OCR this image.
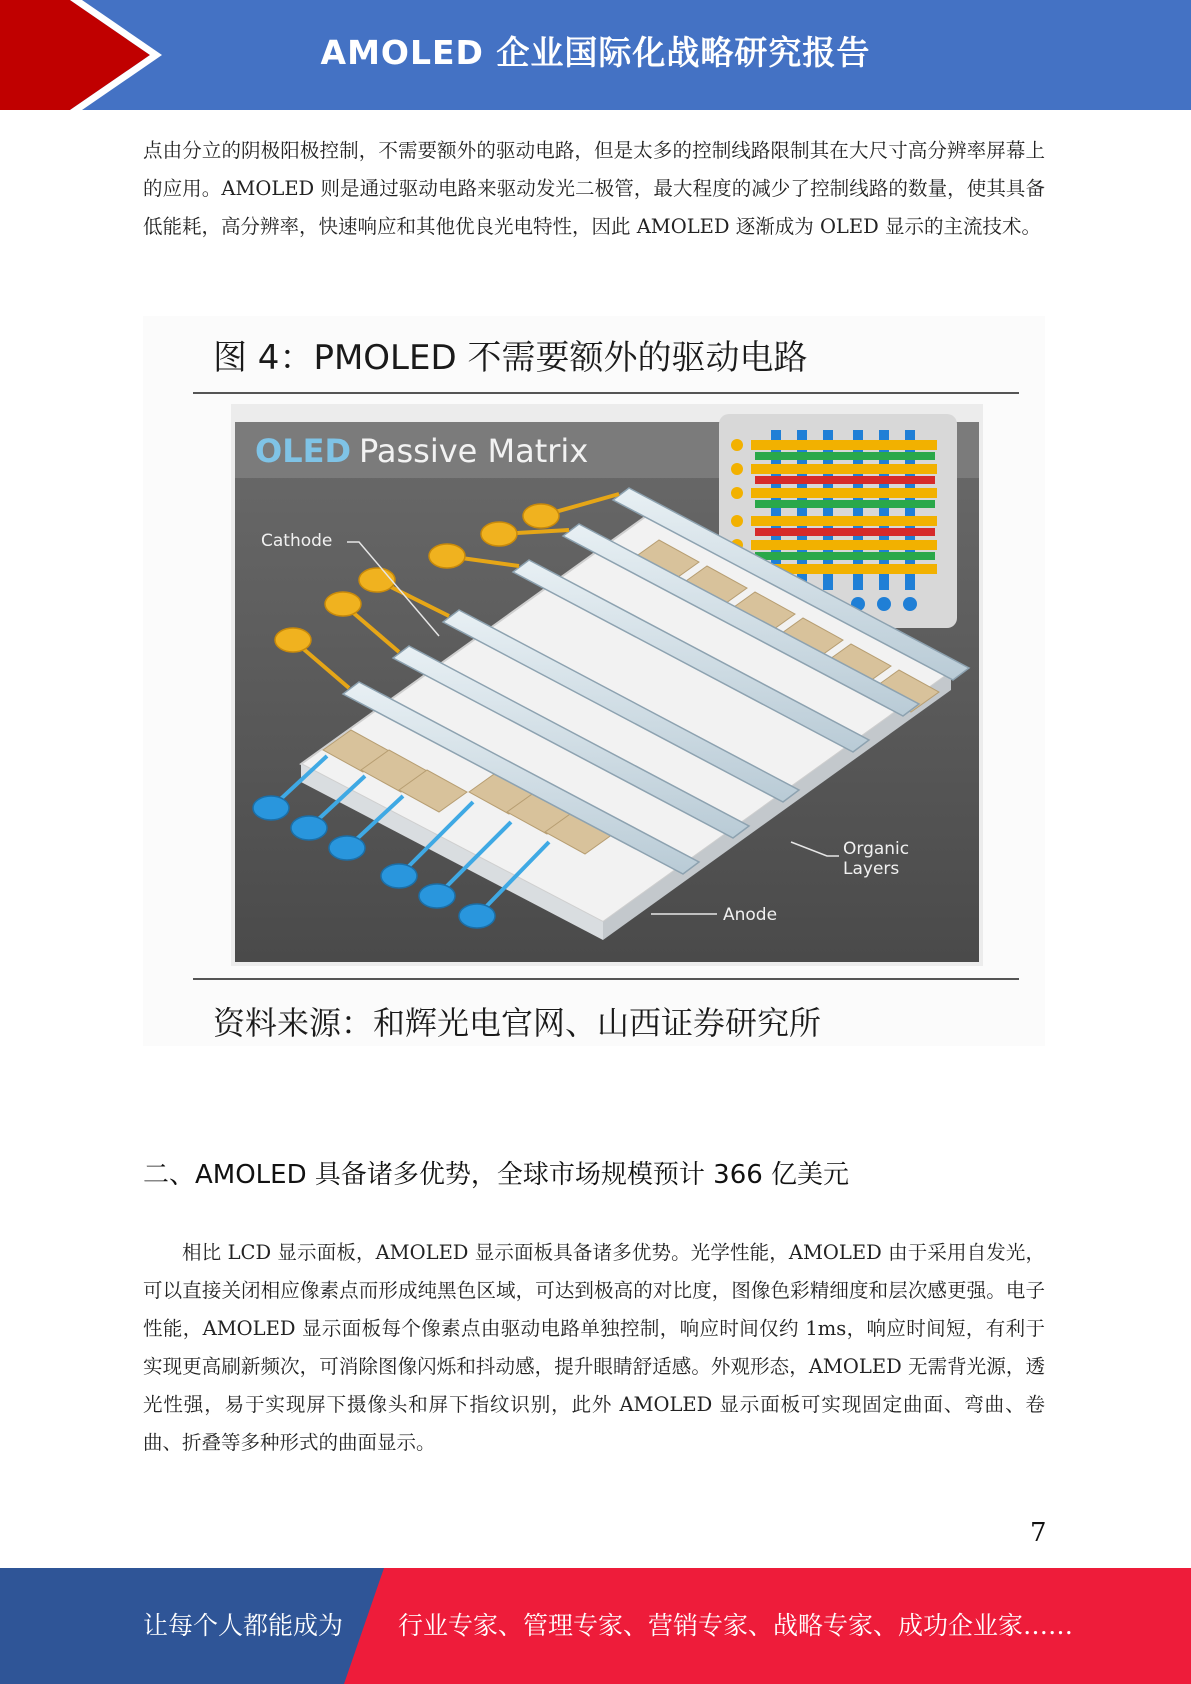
AMOLED 企业国际化战略研究报告

点由分立的阴极阳极控制，不需要额外的驱动电路，但是太多的控制线路限制其在大尺寸高分辨率屏幕上的应用。AMOLED 则是通过驱动电路来驱动发光二极管，最大程度的减少了控制线路的数量，使其具备低能耗，高分辨率，快速响应和其他优良光电特性，因此 AMOLED 逐渐成为 OLED 显示的主流技术。

图 4：PMOLED 不需要额外的驱动电路
OLED Passive Matrix
Cathode
Organic
Layers
Anode
资料来源：和辉光电官网、山西证券研究所
二、AMOLED 具备诸多优势，全球市场规模预计 366 亿美元

相比 LCD 显示面板，AMOLED 显示面板具备诸多优势。光学性能，AMOLED 由于采用自发光，可以直接关闭相应像素点而形成纯黑色区域，可达到极高的对比度，图像色彩精细度和层次感更强。电子性能，AMOLED 显示面板每个像素点由驱动电路单独控制，响应时间仅约 1ms，响应时间短，有利于实现更高刷新频次，可消除图像闪烁和抖动感，提升眼睛舒适感。外观形态，AMOLED 无需背光源，透光性强，易于实现屏下摄像头和屏下指纹识别，此外 AMOLED 显示面板可实现固定曲面、弯曲、卷曲、折叠等多种形式的曲面显示。

7
让每个人都能成为 行业专家、管理专家、营销专家、战略专家、成功企业家……
